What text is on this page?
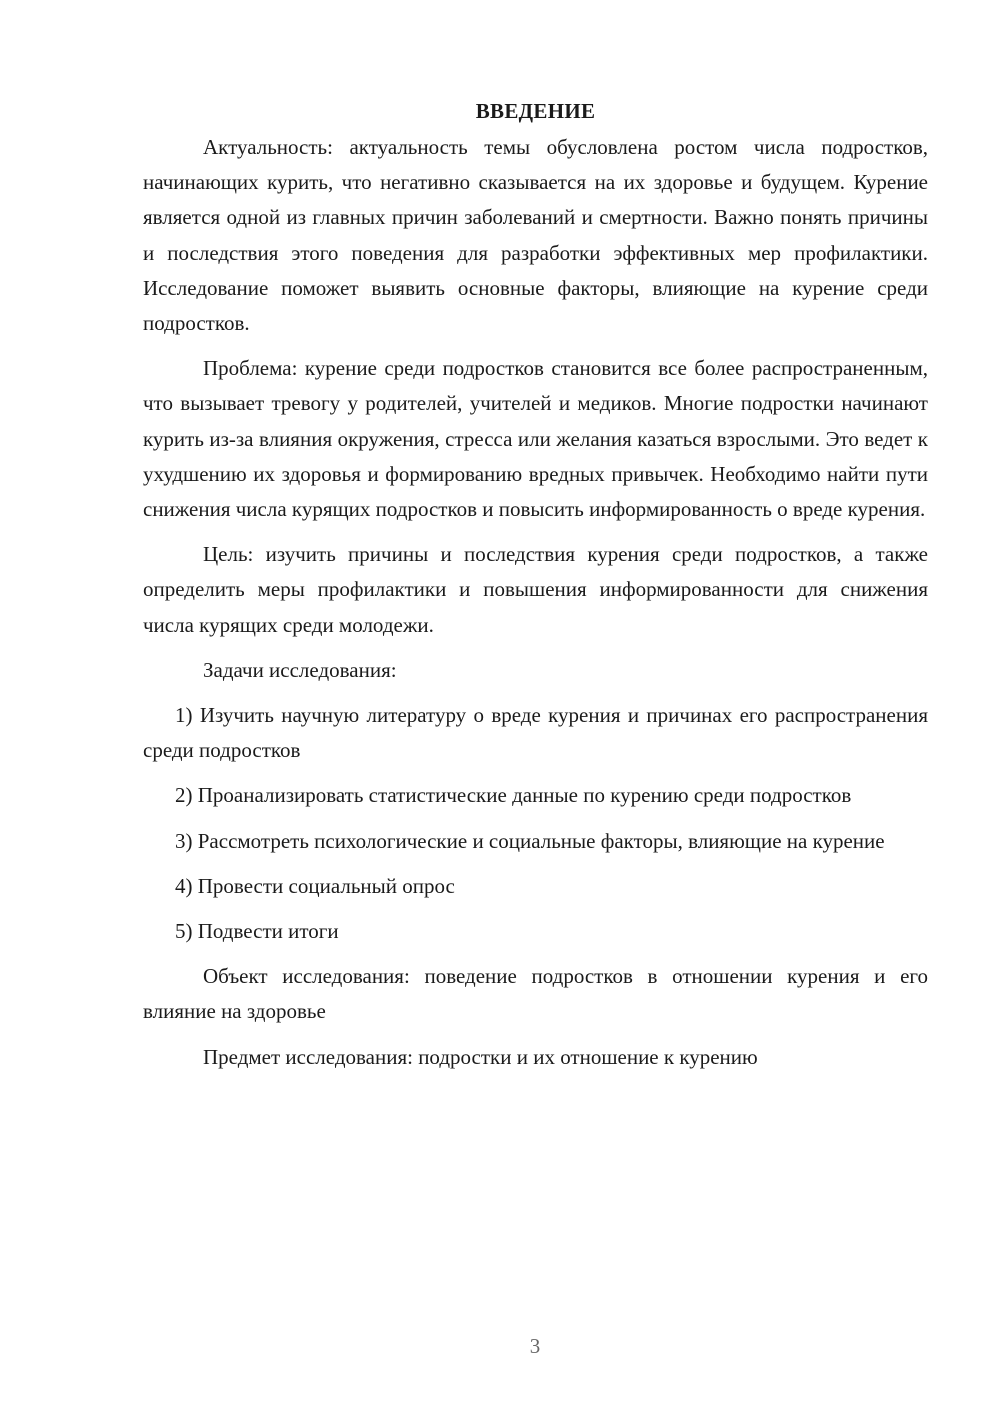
ВВЕДЕНИЕ

Актуальность: актуальность темы обусловлена ростом числа подростков, начинающих курить, что негативно сказывается на их здоровье и будущем. Курение является одной из главных причин заболеваний и смертности. Важно понять причины и последствия этого поведения для разработки эффективных мер профилактики. Исследование поможет выявить основные факторы, влияющие на курение среди подростков.

Проблема: курение среди подростков становится все более распространенным, что вызывает тревогу у родителей, учителей и медиков. Многие подростки начинают курить из-за влияния окружения, стресса или желания казаться взрослыми. Это ведет к ухудшению их здоровья и формированию вредных привычек. Необходимо найти пути снижения числа курящих подростков и повысить информированность о вреде курения.

Цель: изучить причины и последствия курения среди подростков, а также определить меры профилактики и повышения информированности для снижения числа курящих среди молодежи.

Задачи исследования:

1) Изучить научную литературу о вреде курения и причинах его распространения среди подростков

2) Проанализировать статистические данные по курению среди подростков

3) Рассмотреть психологические и социальные факторы, влияющие на курение

4) Провести социальный опрос

5) Подвести итоги

Объект исследования: поведение подростков в отношении курения и его влияние на здоровье

Предмет исследования: подростки и их отношение к курению

3
